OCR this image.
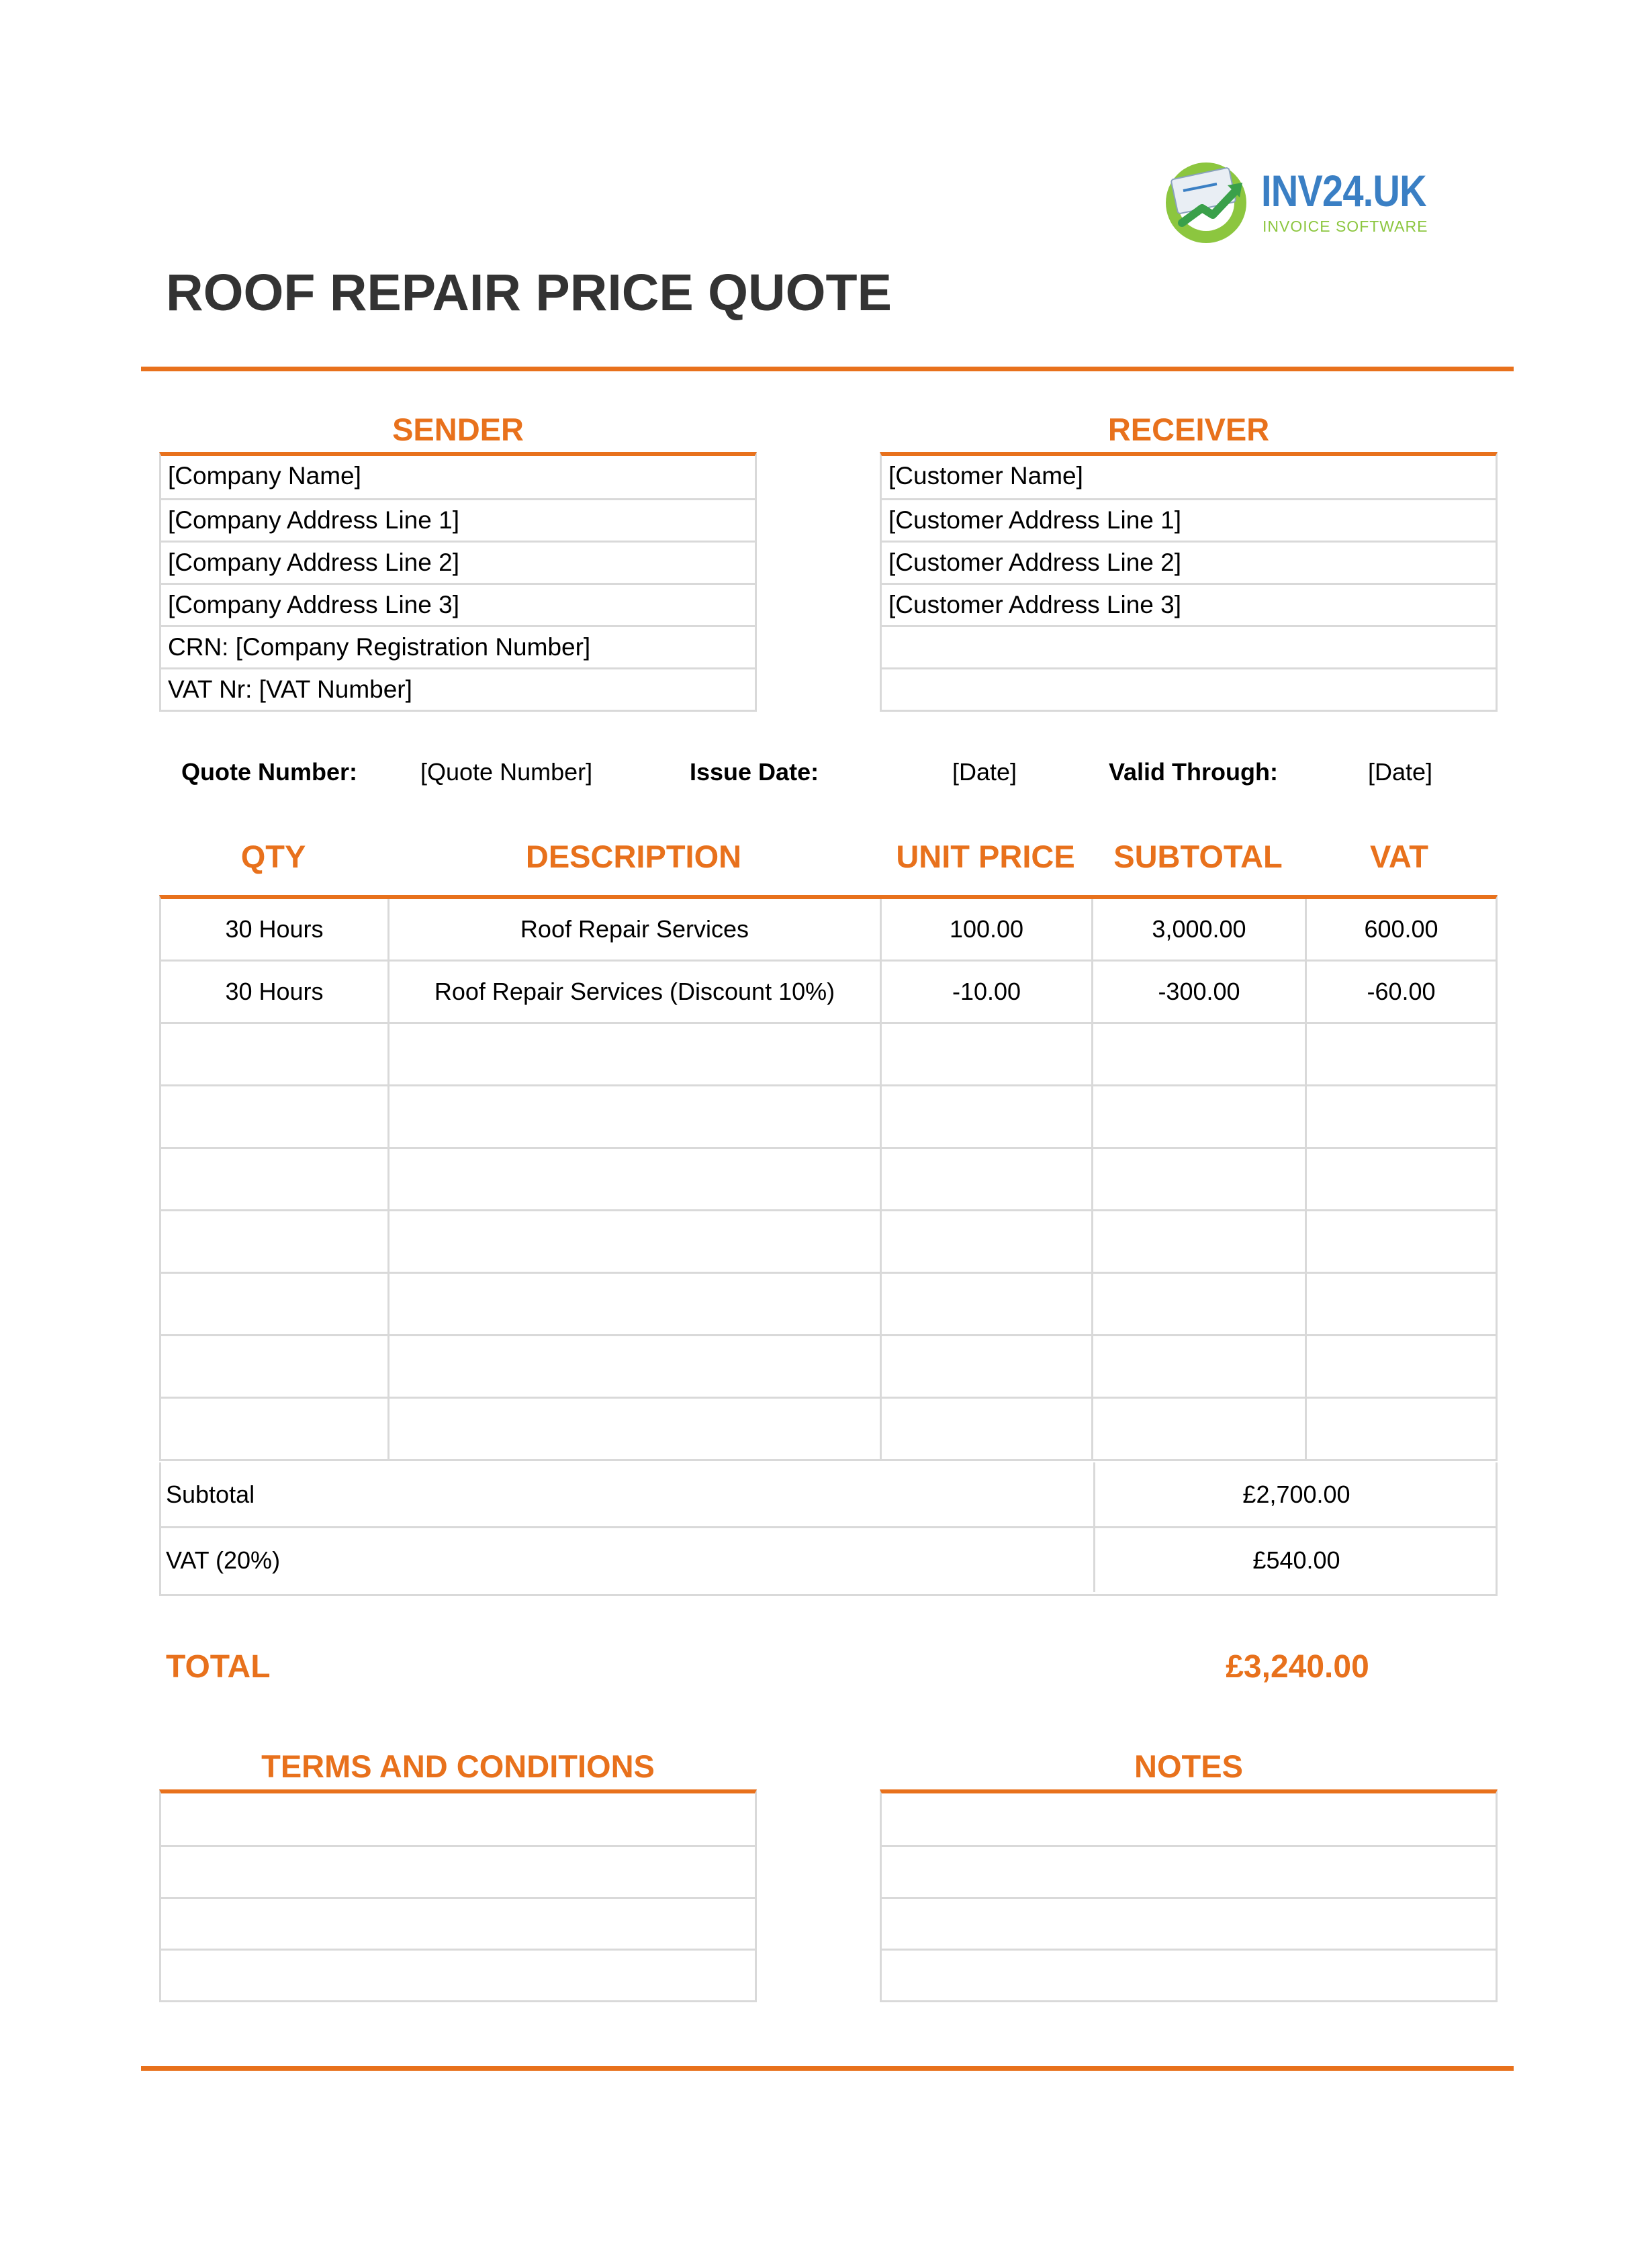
INV24.UK
INVOICE SOFTWARE
ROOF REPAIR PRICE QUOTE
SENDER
[Company Name]
[Company Address Line 1]
[Company Address Line 2]
[Company Address Line 3]
CRN: [Company Registration Number]
VAT Nr: [VAT Number]
RECEIVER
[Customer Name]
[Customer Address Line 1]
[Customer Address Line 2]
[Customer Address Line 3]
Quote Number:	[Quote Number]	Issue Date:	[Date]	Valid Through:	[Date]
QTY	DESCRIPTION	UNIT PRICE	SUBTOTAL	VAT
30 Hours	Roof Repair Services	100.00	3,000.00	600.00
30 Hours	Roof Repair Services (Discount 10%)	-10.00	-300.00	-60.00
Subtotal	£2,700.00
VAT (20%)	£540.00
TOTAL	£3,240.00
TERMS AND CONDITIONS	NOTES
